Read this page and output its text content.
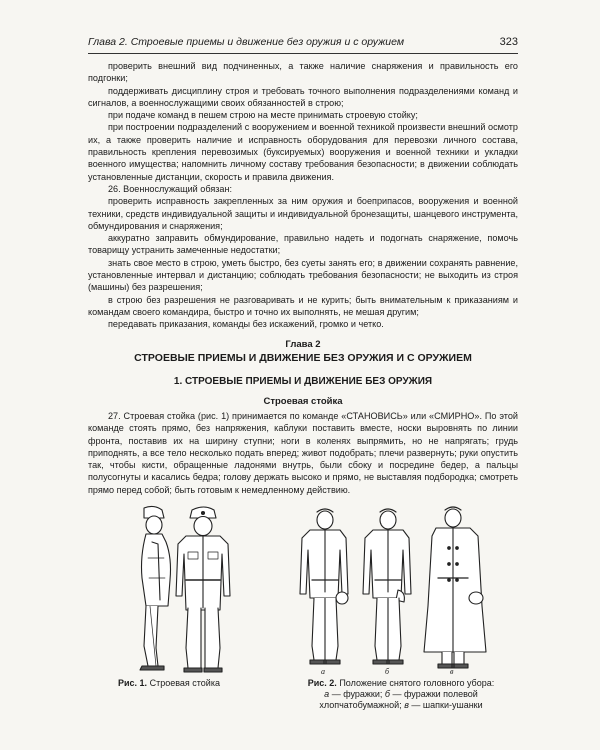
Глава 2. Строевые приемы и движение без оружия и с оружием	323

проверить внешний вид подчиненных, а также наличие снаряжения и правильность его подгонки;

поддерживать дисциплину строя и требовать точного выполнения подразделениями команд и сигналов, а военнослужащими своих обязанностей в строю;

при подаче команд в пешем строю на месте принимать строевую стойку;

при построении подразделений с вооружением и военной техникой произвести внешний осмотр их, а также проверить наличие и исправность оборудования для перевозки личного состава, правильность крепления перевозимых (буксируемых) вооружения и военной техники и укладки военного имущества; напомнить личному составу требования безопасности; в движении соблюдать установленные дистанции, скорость и правила движения.

26. Военнослужащий обязан:

проверить исправность закрепленных за ним оружия и боеприпасов, вооружения и военной техники, средств индивидуальной защиты и индивидуальной бронезащиты, шанцевого инструмента, обмундирования и снаряжения;

аккуратно заправить обмундирование, правильно надеть и подогнать снаряжение, помочь товарищу устранить замеченные недостатки;

знать свое место в строю, уметь быстро, без суеты занять его; в движении сохранять равнение, установленные интервал и дистанцию; соблюдать требования безопасности; не выходить из строя (машины) без разрешения;

в строю без разрешения не разговаривать и не курить; быть внимательным к приказаниям и командам своего командира, быстро и точно их выполнять, не мешая другим;

передавать приказания, команды без искажений, громко и четко.

Глава 2
СТРОЕВЫЕ ПРИЕМЫ И ДВИЖЕНИЕ БЕЗ ОРУЖИЯ И С ОРУЖИЕМ
1. СТРОЕВЫЕ ПРИЕМЫ И ДВИЖЕНИЕ БЕЗ ОРУЖИЯ
Строевая стойка

27. Строевая стойка (рис. 1) принимается по команде «СТАНОВИСЬ» или «СМИРНО». По этой команде стоять прямо, без напряжения, каблуки поставить вместе, носки выровнять по линии фронта, поставив их на ширину ступни; ноги в коленях выпрямить, но не напрягать; грудь приподнять, а все тело несколько подать вперед; живот подобрать; плечи развернуть; руки опустить так, чтобы кисти, обращенные ладонями внутрь, были сбоку и посредине бедер, а пальцы полусогнуты и касались бедра; голову держать высоко и прямо, не выставляя подбородка; смотреть прямо перед собой; быть готовым к немедленному действию.

а	б	в
Рис. 1. Строевая стойка	Рис. 2. Положение снятого головного убора:
а — фуражки; б — фуражки полевой хлопчатобумажной; в — шапки-ушанки
